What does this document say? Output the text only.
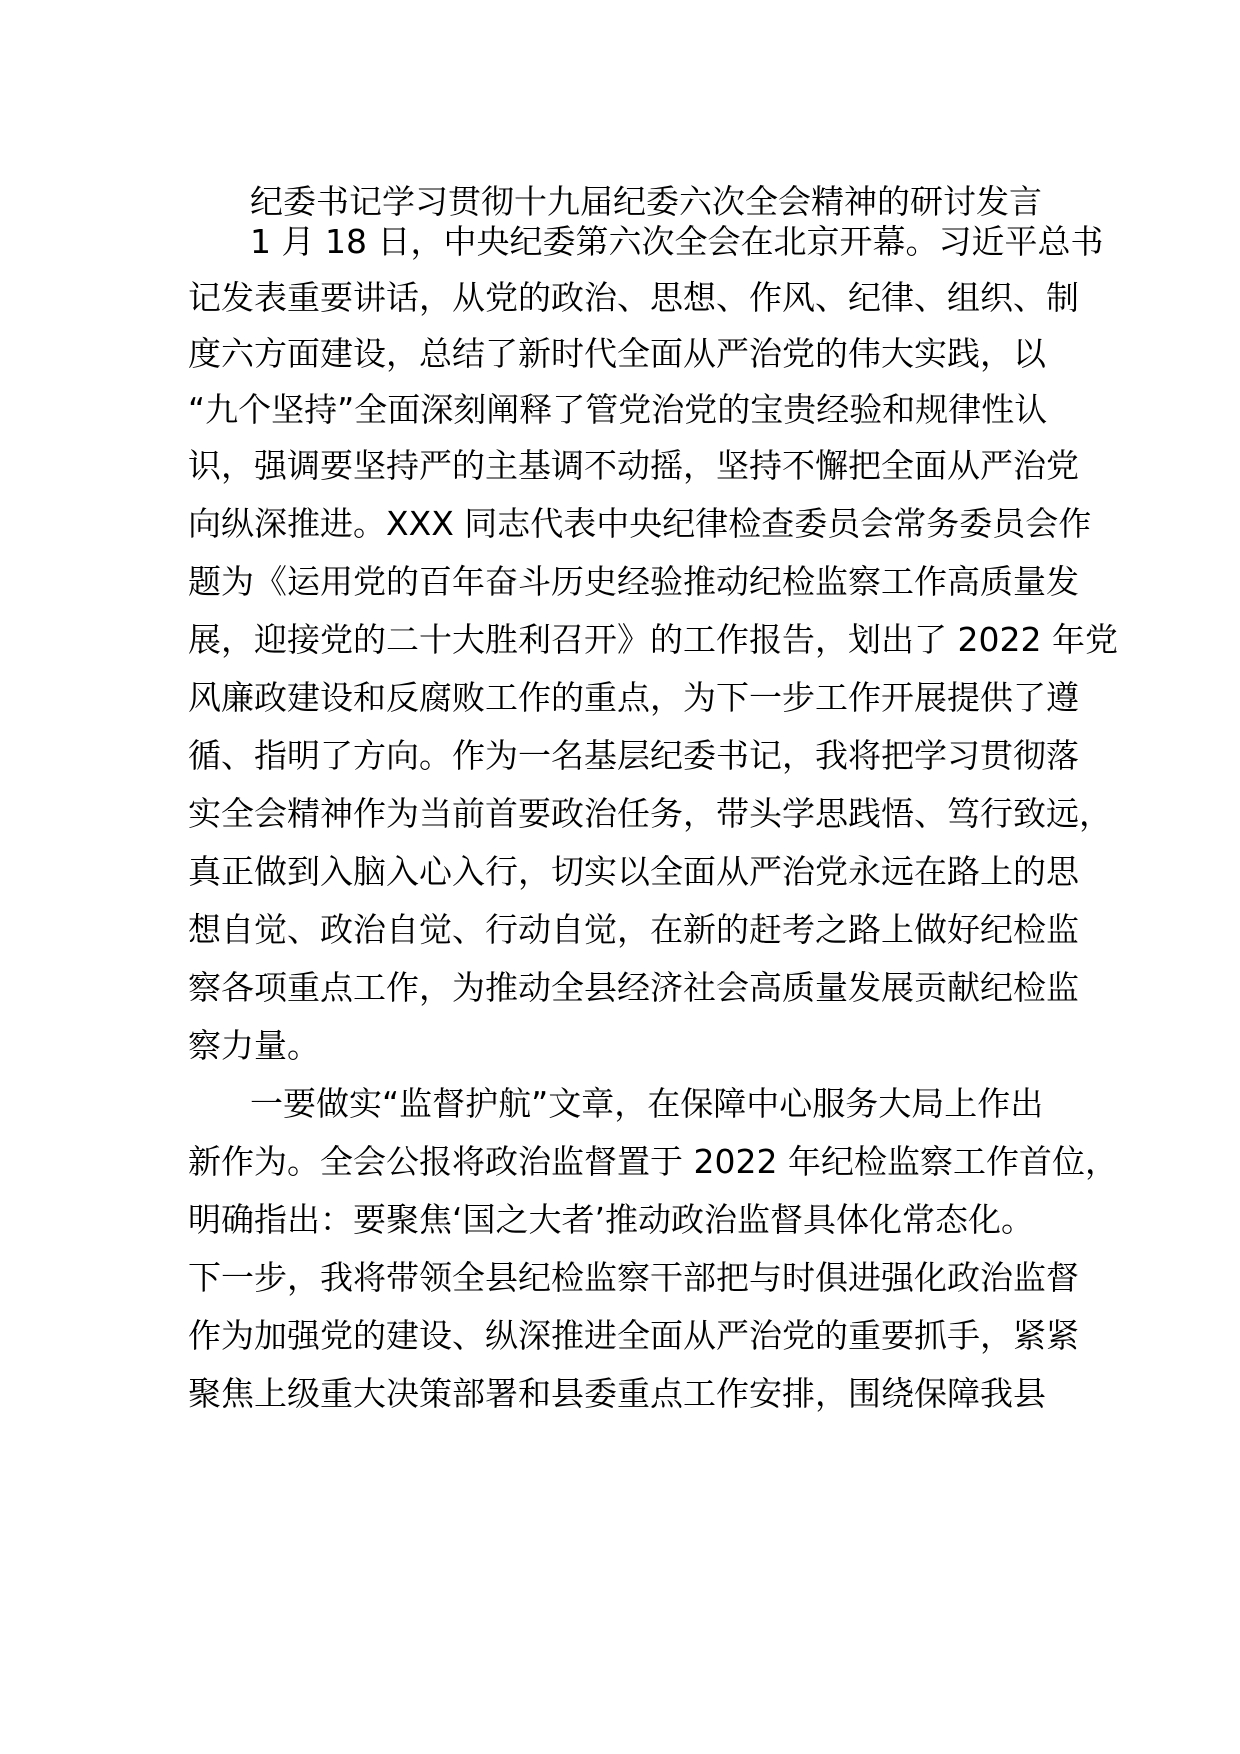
纪委书记学习贯彻十九届纪委六次全会精神的研讨发言

1 月 18 日，中央纪委第六次全会在北京开幕。习近平总书

记发表重要讲话，从党的政治、思想、作风、纪律、组织、制

度六方面建设，总结了新时代全面从严治党的伟大实践，以

“九个坚持”全面深刻阐释了管党治党的宝贵经验和规律性认

识，强调要坚持严的主基调不动摇，坚持不懈把全面从严治党

向纵深推进。XXX 同志代表中央纪律检查委员会常务委员会作

题为《运用党的百年奋斗历史经验推动纪检监察工作高质量发

展，迎接党的二十大胜利召开》的工作报告，划出了 2022 年党

风廉政建设和反腐败工作的重点，为下一步工作开展提供了遵

循、指明了方向。作为一名基层纪委书记，我将把学习贯彻落

实全会精神作为当前首要政治任务，带头学思践悟、笃行致远，

真正做到入脑入心入行，切实以全面从严治党永远在路上的思

想自觉、政治自觉、行动自觉，在新的赶考之路上做好纪检监

察各项重点工作，为推动全县经济社会高质量发展贡献纪检监

察力量。

一要做实“监督护航”文章，在保障中心服务大局上作出

新作为。全会公报将政治监督置于 2022 年纪检监察工作首位，

明确指出：要聚焦‘国之大者’推动政治监督具体化常态化。

下一步，我将带领全县纪检监察干部把与时俱进强化政治监督

作为加强党的建设、纵深推进全面从严治党的重要抓手，紧紧

聚焦上级重大决策部署和县委重点工作安排，围绕保障我县
